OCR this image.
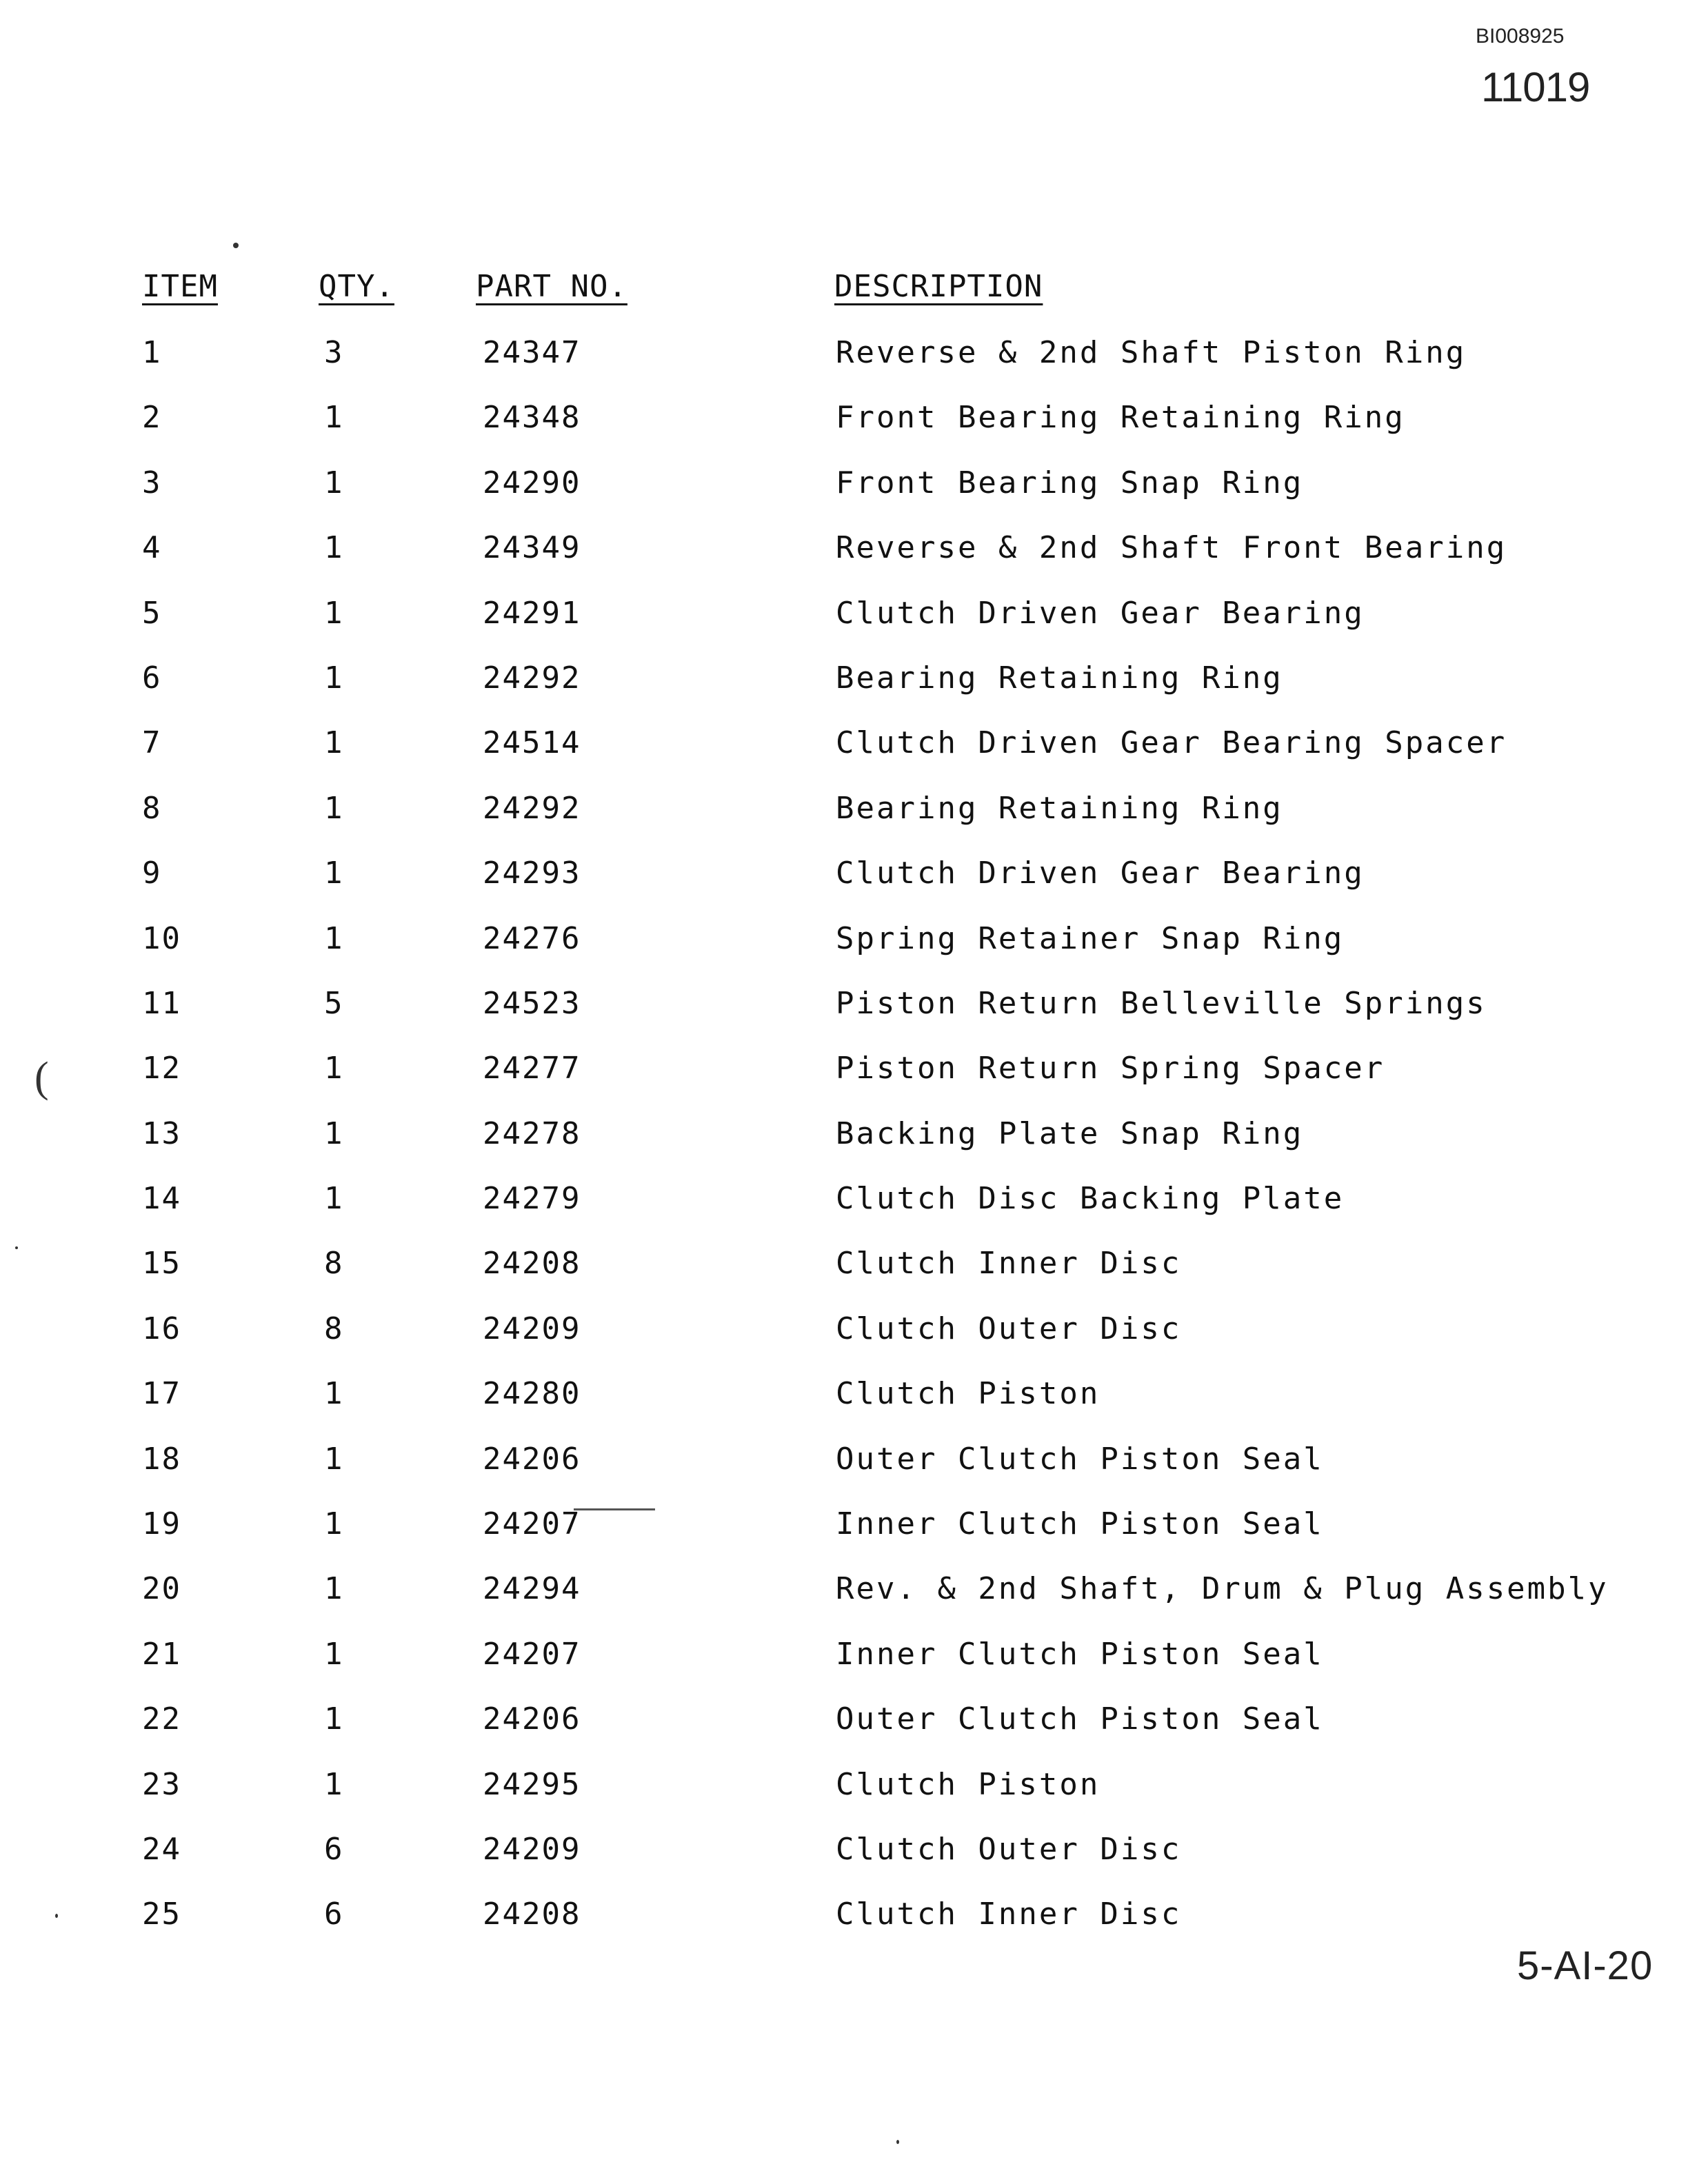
BI008925
11019
(
ITEM	QTY.	PART NO.	DESCRIPTION
1	3	24347	Reverse & 2nd Shaft Piston Ring
2	1	24348	Front Bearing Retaining Ring
3	1	24290	Front Bearing Snap Ring
4	1	24349	Reverse & 2nd Shaft Front Bearing
5	1	24291	Clutch Driven Gear Bearing
6	1	24292	Bearing Retaining Ring
7	1	24514	Clutch Driven Gear Bearing Spacer
8	1	24292	Bearing Retaining Ring
9	1	24293	Clutch Driven Gear Bearing
10	1	24276	Spring Retainer Snap Ring
11	5	24523	Piston Return Belleville Springs
12	1	24277	Piston Return Spring Spacer
13	1	24278	Backing Plate Snap Ring
14	1	24279	Clutch Disc Backing Plate
15	8	24208	Clutch Inner Disc
16	8	24209	Clutch Outer Disc
17	1	24280	Clutch Piston
18	1	24206	Outer Clutch Piston Seal
19	1	24207	Inner Clutch Piston Seal
20	1	24294	Rev. & 2nd Shaft, Drum & Plug Assembly
21	1	24207	Inner Clutch Piston Seal
22	1	24206	Outer Clutch Piston Seal
23	1	24295	Clutch Piston
24	6	24209	Clutch Outer Disc
25	6	24208	Clutch Inner Disc
5-AI-20
